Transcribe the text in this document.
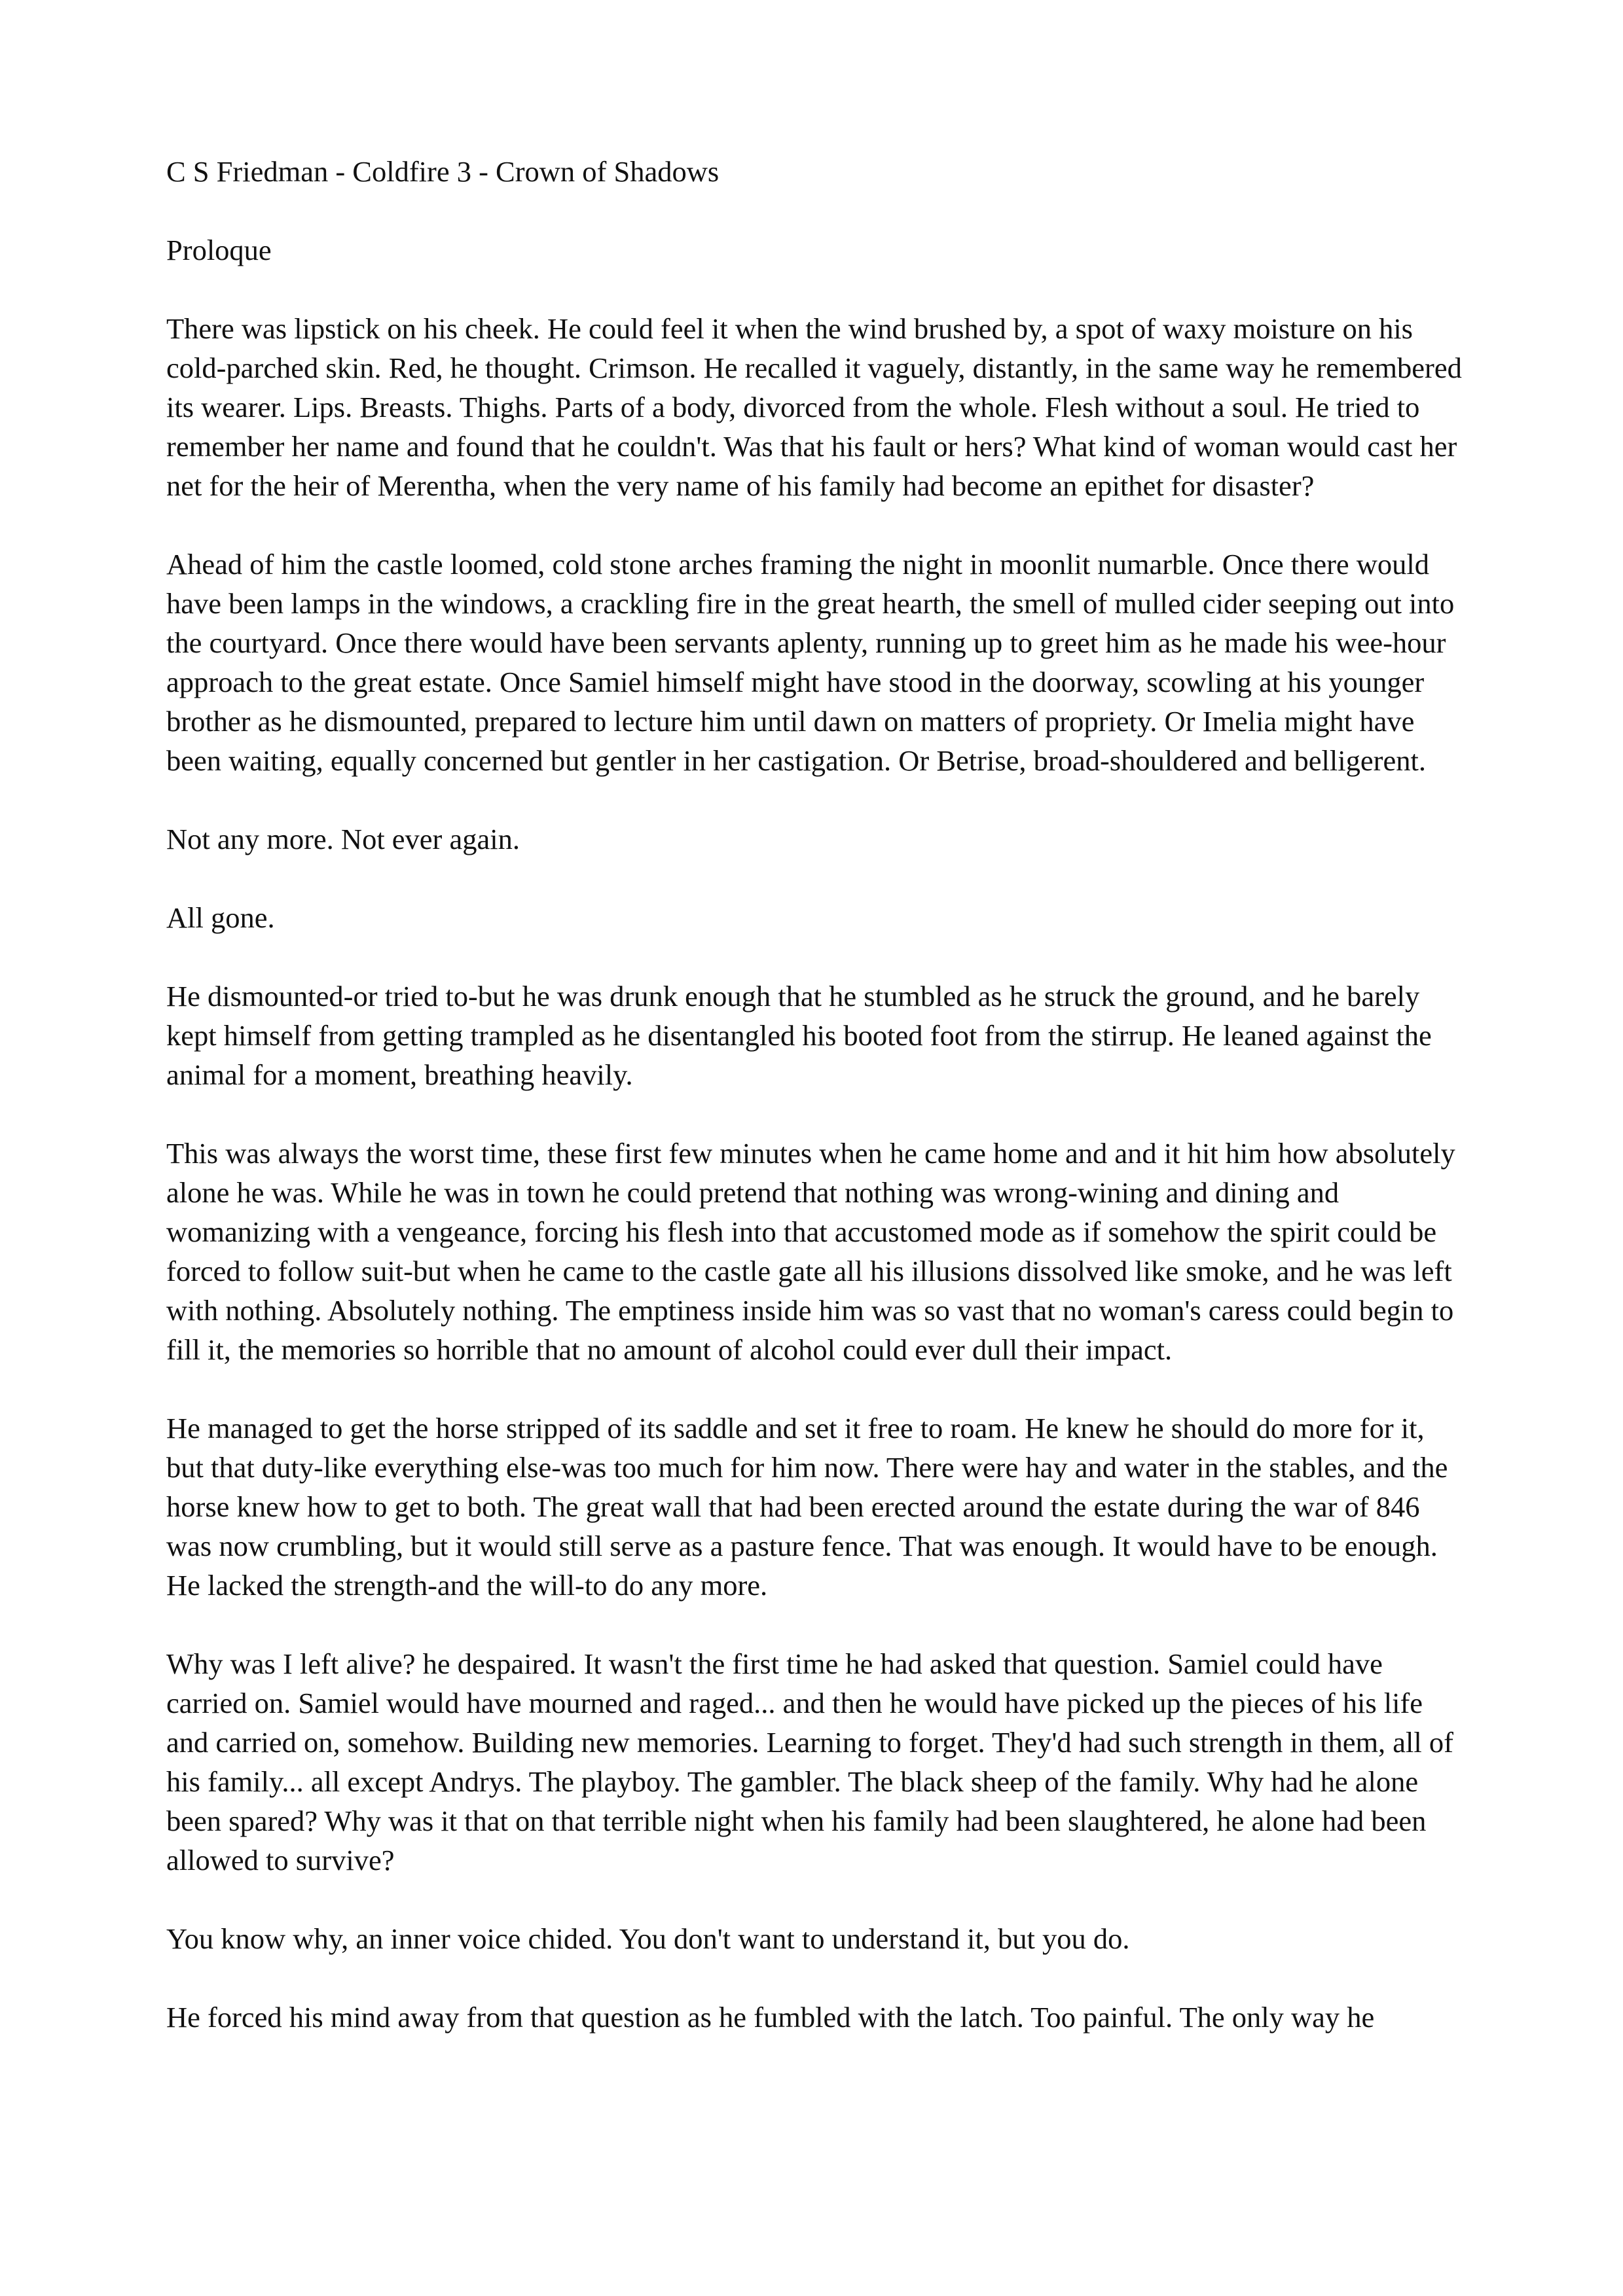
C S Friedman - Coldfire 3 - Crown of Shadows

Proloque

There was lipstick on his cheek. He could feel it when the wind brushed by, a spot of waxy moisture on his cold-parched skin. Red, he thought. Crimson. He recalled it vaguely, distantly, in the same way he remembered its wearer. Lips. Breasts. Thighs. Parts of a body, divorced from the whole. Flesh without a soul. He tried to remember her name and found that he couldn't. Was that his fault or hers? What kind of woman would cast her net for the heir of Merentha, when the very name of his family had become an epithet for disaster?

Ahead of him the castle loomed, cold stone arches framing the night in moonlit numarble. Once there would have been lamps in the windows, a crackling fire in the great hearth, the smell of mulled cider seeping out into the courtyard. Once there would have been servants aplenty, running up to greet him as he made his wee-hour approach to the great estate. Once Samiel himself might have stood in the doorway, scowling at his younger brother as he dismounted, prepared to lecture him until dawn on matters of propriety. Or Imelia might have been waiting, equally concerned but gentler in her castigation. Or Betrise, broad-shouldered and belligerent.

Not any more. Not ever again.

All gone.

He dismounted-or tried to-but he was drunk enough that he stumbled as he struck the ground, and he barely kept himself from getting trampled as he disentangled his booted foot from the stirrup. He leaned against the animal for a moment, breathing heavily.

This was always the worst time, these first few minutes when he came home and and it hit him how absolutely alone he was. While he was in town he could pretend that nothing was wrong-wining and dining and womanizing with a vengeance, forcing his flesh into that accustomed mode as if somehow the spirit could be forced to follow suit-but when he came to the castle gate all his illusions dissolved like smoke, and he was left with nothing. Absolutely nothing. The emptiness inside him was so vast that no woman's caress could begin to fill it, the memories so horrible that no amount of alcohol could ever dull their impact.

He managed to get the horse stripped of its saddle and set it free to roam. He knew he should do more for it, but that duty-like everything else-was too much for him now. There were hay and water in the stables, and the horse knew how to get to both. The great wall that had been erected around the estate during the war of 846 was now crumbling, but it would still serve as a pasture fence. That was enough. It would have to be enough. He lacked the strength-and the will-to do any more.

Why was I left alive? he despaired. It wasn't the first time he had asked that question. Samiel could have carried on. Samiel would have mourned and raged... and then he would have picked up the pieces of his life and carried on, somehow. Building new memories. Learning to forget. They'd had such strength in them, all of his family... all except Andrys. The playboy. The gambler. The black sheep of the family. Why had he alone been spared? Why was it that on that terrible night when his family had been slaughtered, he alone had been allowed to survive?

You know why, an inner voice chided. You don't want to understand it, but you do.

He forced his mind away from that question as he fumbled with the latch. Too painful. The only way he
